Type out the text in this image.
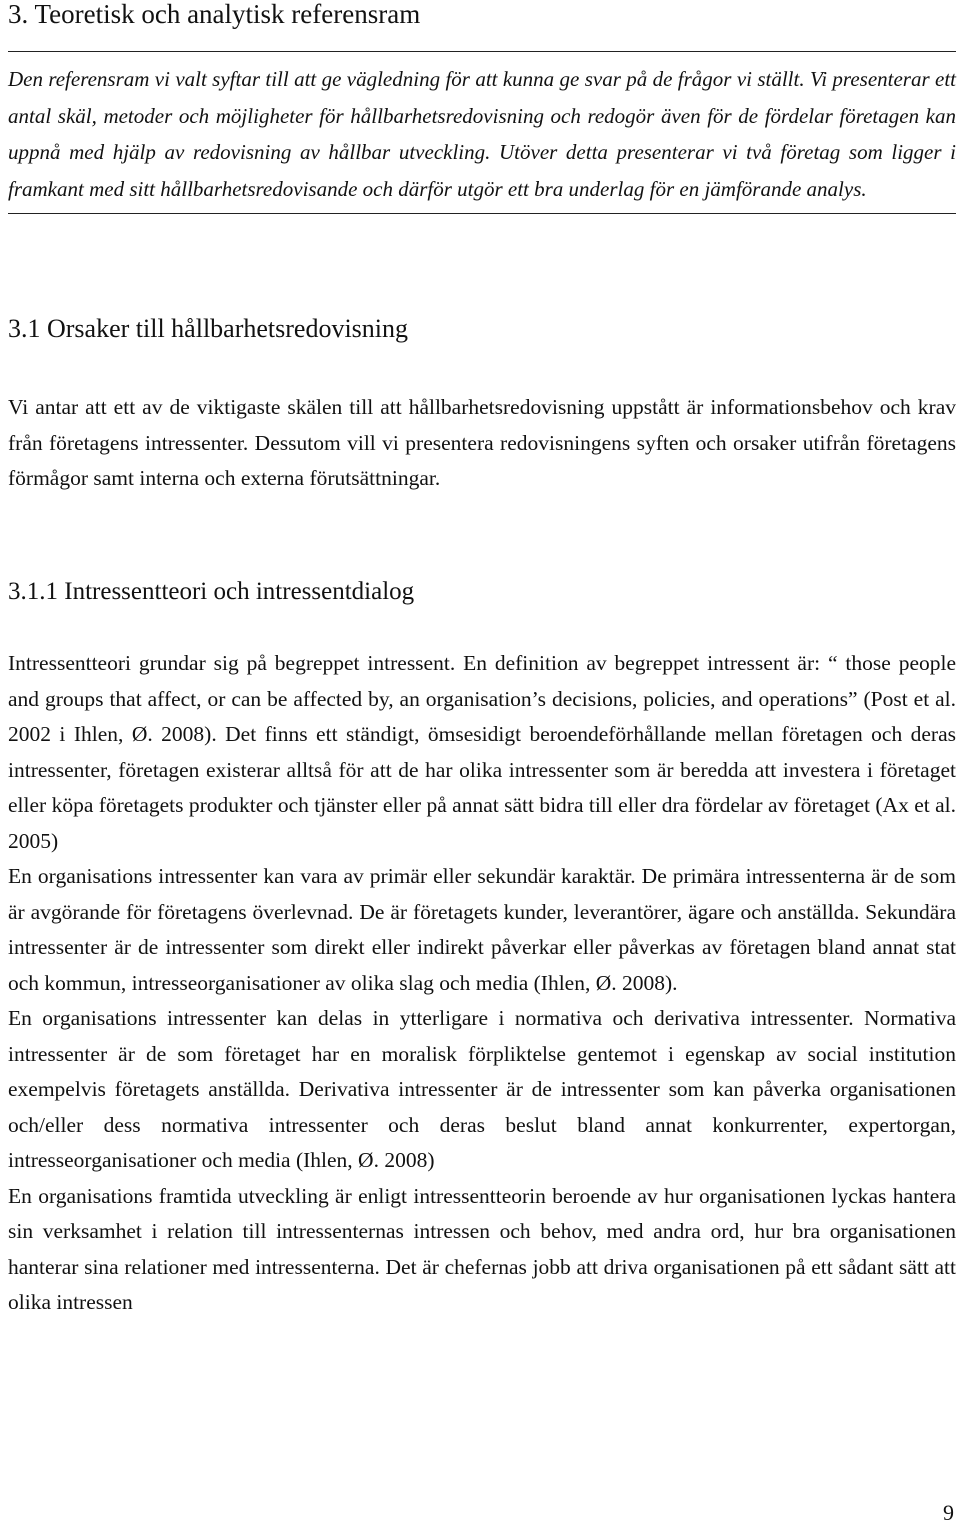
3. Teoretisk och analytisk referensram

Den referensram vi valt syftar till att ge vägledning för att kunna ge svar på de frågor vi ställt. Vi presenterar ett antal skäl, metoder och möjligheter för hållbarhetsredovisning och redogör även för de fördelar företagen kan uppnå med hjälp av redovisning av hållbar utveckling. Utöver detta presenterar vi två företag som ligger i framkant med sitt hållbarhetsredovisande och därför utgör ett bra underlag för en jämförande analys.

3.1 Orsaker till hållbarhetsredovisning

Vi antar att ett av de viktigaste skälen till att hållbarhetsredovisning uppstått är informationsbehov och krav från företagens intressenter. Dessutom vill vi presentera redovisningens syften och orsaker utifrån företagens förmågor samt interna och externa förutsättningar.

3.1.1 Intressentteori och intressentdialog

Intressentteori grundar sig på begreppet intressent. En definition av begreppet intressent är: “ those people and groups that affect, or can be affected by, an organisation’s decisions, policies, and operations” (Post et al. 2002 i Ihlen, Ø. 2008). Det finns ett ständigt, ömsesidigt beroendeförhållande mellan företagen och deras intressenter, företagen existerar alltså för att de har olika intressenter som är beredda att investera i företaget eller köpa företagets produkter och tjänster eller på annat sätt bidra till eller dra fördelar av företaget (Ax et al. 2005)

En organisations intressenter kan vara av primär eller sekundär karaktär. De primära intressenterna är de som är avgörande för företagens överlevnad. De är företagets kunder, leverantörer, ägare och anställda. Sekundära intressenter är de intressenter som direkt eller indirekt påverkar eller påverkas av företagen bland annat stat och kommun, intresseorganisationer av olika slag och media (Ihlen, Ø. 2008).

En organisations intressenter kan delas in ytterligare i normativa och derivativa intressenter. Normativa intressenter är de som företaget har en moralisk förpliktelse gentemot i egenskap av social institution exempelvis företagets anställda. Derivativa intressenter är de intressenter som kan påverka organisationen och/eller dess normativa intressenter och deras beslut bland annat konkurrenter, expertorgan, intresseorganisationer och media (Ihlen, Ø. 2008)

En organisations framtida utveckling är enligt intressentteorin beroende av hur organisationen lyckas hantera sin verksamhet i relation till intressenternas intressen och behov, med andra ord, hur bra organisationen hanterar sina relationer med intressenterna. Det är chefernas jobb att driva organisationen på ett sådant sätt att olika intressen

9
